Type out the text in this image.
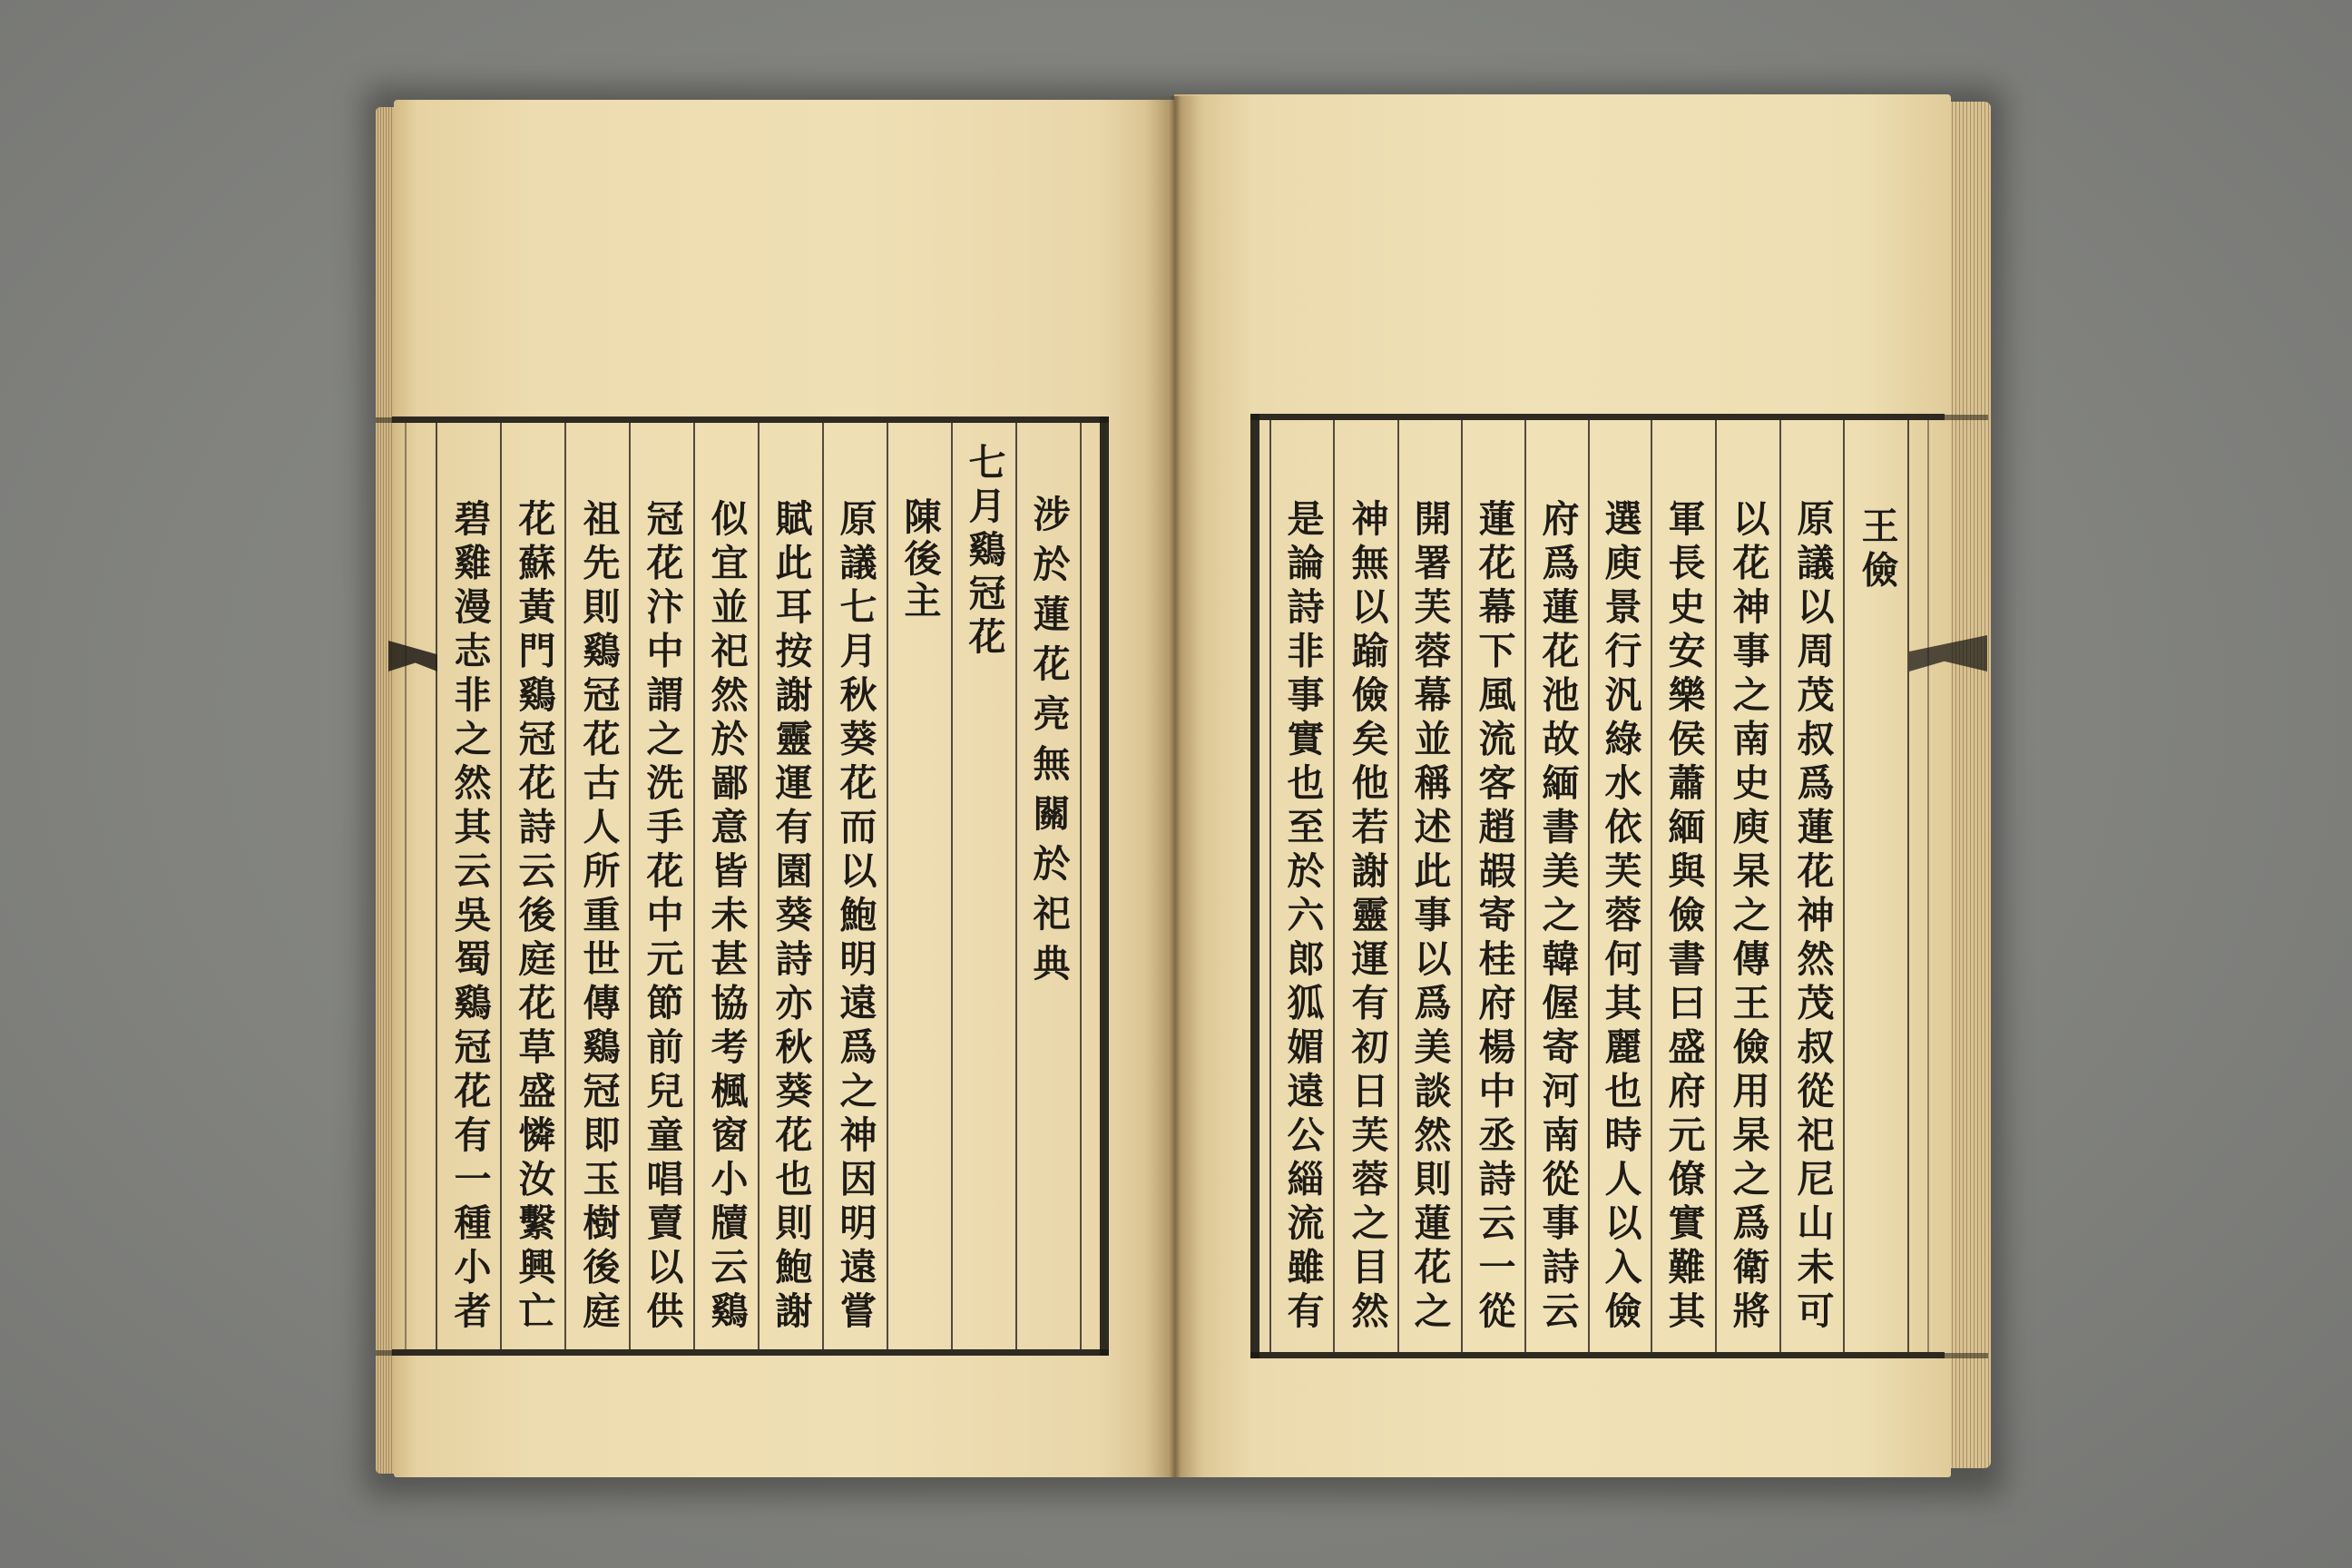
王儉
原議以周茂叔爲蓮花神然茂叔從祀尼山未可
以花神事之南史庾杲之傳王儉用杲之爲衛將
軍長史安樂侯蕭緬與儉書曰盛府元僚實難其
選庾景行汎綠水依芙蓉何其麗也時人以入儉
府爲蓮花池故緬書美之韓偓寄河南從事詩云
蓮花幕下風流客趙嘏寄桂府楊中丞詩云一從
開署芙蓉幕並稱述此事以爲美談然則蓮花之
神無以踰儉矣他若謝靈運有初日芙蓉之目然
是論詩非事實也至於六郎狐媚遠公緇流雖有
涉於蓮花亮無關於祀典
七月鷄冠花
陳後主
原議七月秋葵花而以鮑明遠爲之神因明遠嘗
賦此耳按謝靈運有園葵詩亦秋葵花也則鮑謝
似宜並祀然於鄙意皆未甚協考楓窗小牘云鷄
冠花汴中謂之洗手花中元節前兒童唱賣以供
祖先則鷄冠花古人所重世傳鷄冠即玉樹後庭
花蘇黃門鷄冠花詩云後庭花草盛憐汝繫興亡
碧雞漫志非之然其云吳蜀鷄冠花有一種小者
